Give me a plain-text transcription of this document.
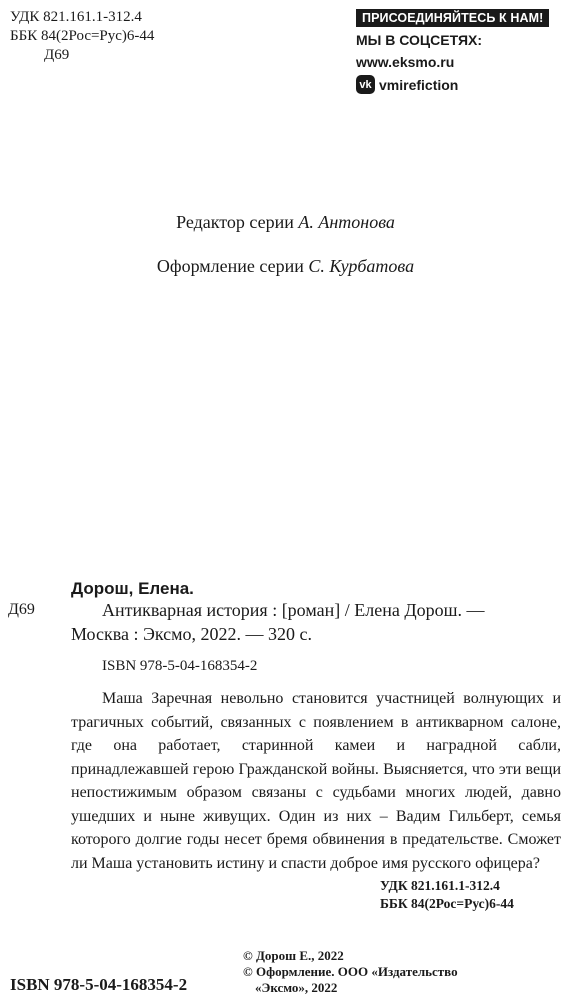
УДК 821.161.1-312.4
ББК 84(2Рос=Рус)6-44
Д69
ПРИСОЕДИНЯЙТЕСЬ К НАМ!
МЫ В СОЦСЕТЯХ:
www.eksmo.ru
vk vmirefiction
Редактор серии А. Антонова
Оформление серии С. Курбатова
Дорош, Елена.
Д69	Антикварная история : [роман] / Елена Дорош. —
Москва : Эксмо, 2022. — 320 с.
ISBN 978-5-04-168354-2

Маша Заречная невольно становится участницей волнующих и трагичных событий, связанных с появлением в антикварном салоне, где она работает, старинной камеи и наградной сабли, принадлежавшей герою Гражданской войны. Выясняется, что эти вещи непостижимым образом связаны с судьбами многих людей, давно ушедших и ныне живущих. Один из них – Вадим Гильберт, семья которого долгие годы несет бремя обвинения в предательстве. Сможет ли Маша установить истину и спасти доброе имя русского офицера?

УДК 821.161.1-312.4
ББК 84(2Рос=Рус)6-44
© Дорош Е., 2022
© Оформление. ООО «Издательство
«Эксмо», 2022
ISBN 978-5-04-168354-2
